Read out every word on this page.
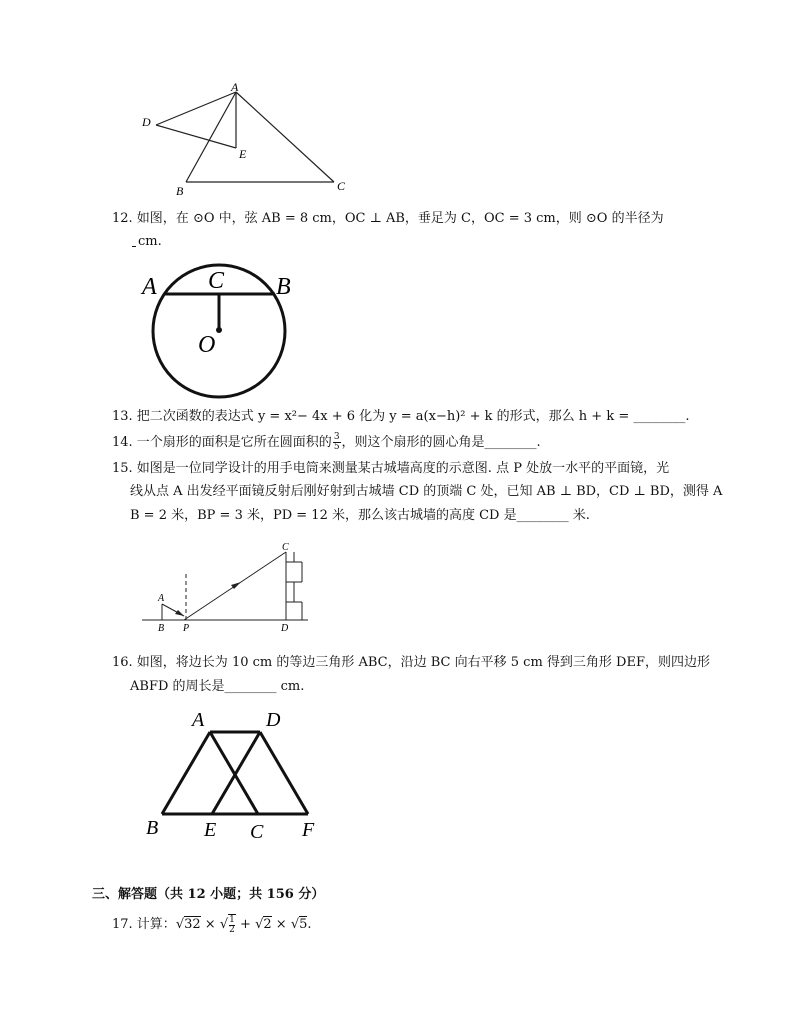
A
D
E
B	C
12. 如图，在 ⊙O 中，弦 AB = 8 cm，OC ⊥ AB，垂足为 C，OC = 3 cm，则 ⊙O 的半径为
cm.
A C B
O
13. 把二次函数的表达式 y = x²− 4x + 6 化为 y = a(x−h)² + k 的形式，那么 h + k = ________.
14. 一个扇形的面积是它所在圆面积的 $\frac{3}{5}$ ，则这个扇形的圆心角是________.
15. 如图是一位同学设计的用手电筒来测量某古城墙高度的示意图. 点 P 处放一水平的平面镜，光
线从点 A 出发经平面镜反射后刚好射到古城墙 CD 的顶端 C 处，已知 AB ⊥ BD，CD ⊥ BD，测得 A
B = 2 米，BP = 3 米，PD = 12 米，那么该古城墙的高度 CD 是________ 米.
A
B P
C
D
16. 如图，将边长为 10 cm 的等边三角形 ABC，沿边 BC 向右平移 5 cm 得到三角形 DEF，则四边形
ABFD 的周长是________ cm.
A	D
B E C F
三、解答题（共 12 小题；共 156 分）
17. 计算：√32 × √ $\frac{1}{2} + √2 \times √5$.
